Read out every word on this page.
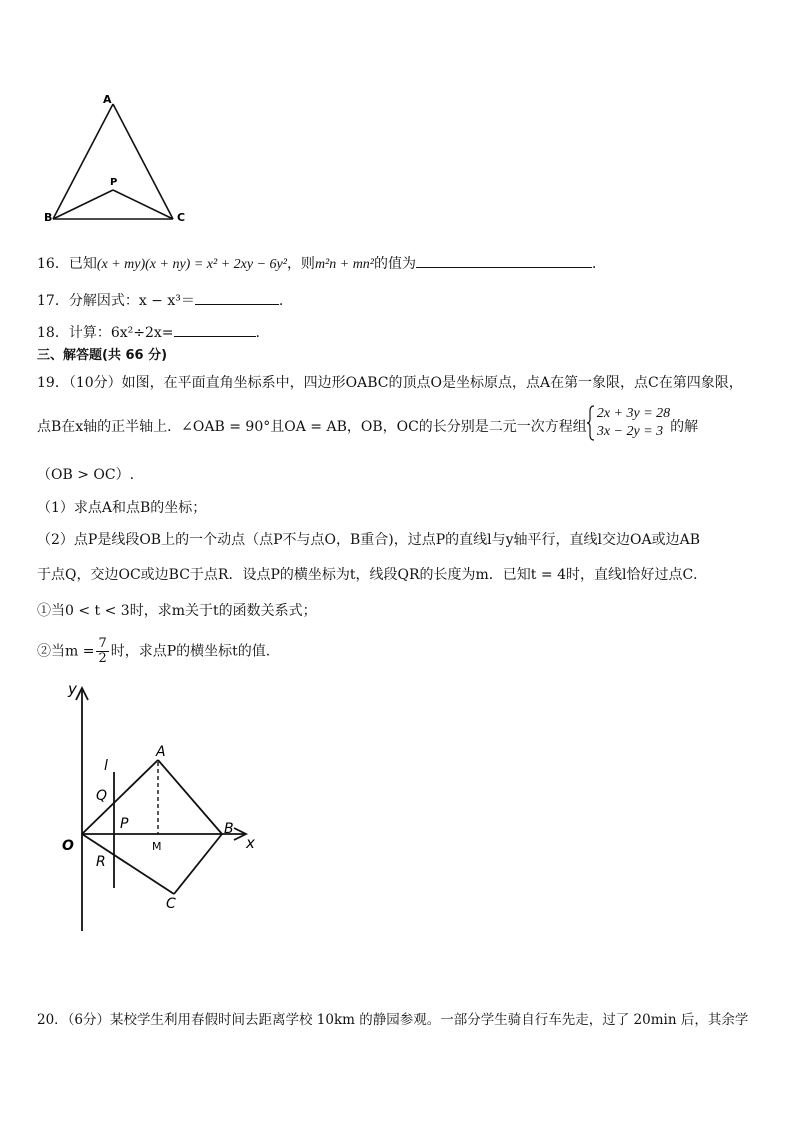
A
P
B	C
16．已知(x + my)(x + ny) = x² + 2xy − 6y²，则m²n + mn²的值为	．
17．分解因式：x − x³＝	.
18．计算：6x²÷2x=	.
三、解答题(共 66 分)
19．（10分）如图，在平面直角坐标系中，四边形OABC的顶点O是坐标原点，点A在第一象限，点C在第四象限，
点B在x轴的正半轴上．∠OAB = 90°且OA = AB，OB，OC的长分别是二元一次方程组
2x + 3y = 28
3x − 2y = 3 的解
（OB > OC）.
（1）求点A和点B的坐标；
（2）点P是线段OB上的一个动点（点P不与点O，B重合)，过点P的直线l与y轴平行，直线l交边OA或边AB
于点Q，交边OC或边BC于点R．设点P的横坐标为t，线段QR的长度为m．已知t = 4时，直线l恰好过点C．
①当0 < t < 3时，求m关于t的函数关系式；
②当$m = \frac{7}{2}$ 时，求点P的横坐标t的值.
y
x
O
A
B
C
l
Q
P
R
M
20．（6分）某校学生利用春假时间去距离学校 10km 的静园参观。一部分学生骑自行车先走，过了 20min 后，其余学
